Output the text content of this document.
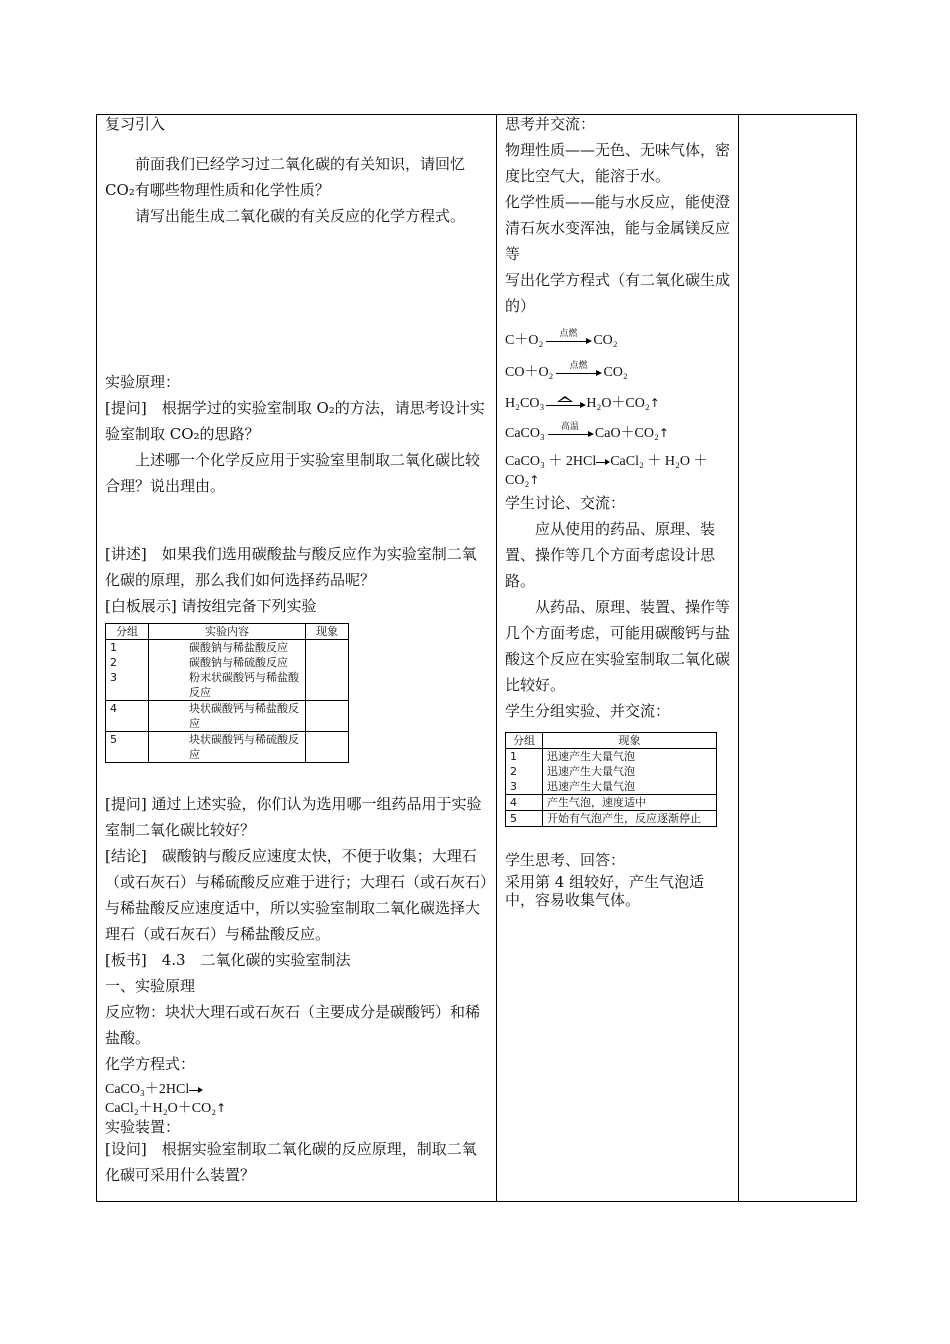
复习引入

前面我们已经学习过二氧化碳的有关知识，请回忆 CO₂有哪些物理性质和化学性质？

请写出能生成二氧化碳的有关反应的化学方程式。

实验原理：

[提问]　根据学过的实验室制取 O₂的方法，请思考设计实验室制取 CO₂的思路？

上述哪一个化学反应用于实验室里制取二氧化碳比较合理？说出理由。

[讲述]　如果我们选用碳酸盐与酸反应作为实验室制二氧化碳的原理，那么我们如何选择药品呢？

[白板展示] 请按组完备下列实验

分组	实验内容	现象
1	碳酸钠与稀盐酸反应	
2	碳酸钠与稀硫酸反应	
3	粉末状碳酸钙与稀盐酸反应	
4	块状碳酸钙与稀盐酸反应	
5	块状碳酸钙与稀硫酸反应	

[提问] 通过上述实验，你们认为选用哪一组药品用于实验室制二氧化碳比较好？

[结论]　碳酸钠与酸反应速度太快，不便于收集；大理石（或石灰石）与稀硫酸反应难于进行；大理石（或石灰石）与稀盐酸反应速度适中，所以实验室制取二氧化碳选择大理石（或石灰石）与稀盐酸反应。

[板书]　4.3　二氧化碳的实验室制法

一、实验原理

反应物：块状大理石或石灰石（主要成分是碳酸钙）和稀盐酸。

化学方程式：

CaCO₃＋2HCl

CaCl₂＋H₂O＋CO₂↑

实验装置：

[设问]　根据实验室制取二氧化碳的反应原理，制取二氧化碳可采用什么装置？

思考并交流：

物理性质——无色、无味气体，密度比空气大，能溶于水。

化学性质——能与水反应，能使澄清石灰水变浑浊，能与金属镁反应等

写出化学方程式（有二氧化碳生成的）

C＋O₂
点燃
CO₂

CO＋O₂
点燃
CO₂

H₂CO₃	H₂O＋CO₂↑

CaCO₃
高温
CaO＋CO₂↑

CaCO₃ ＋ 2HCl CaCl₂ ＋ H₂O ＋
CO₂↑

学生讨论、交流：

应从使用的药品、原理、装置、操作等几个方面考虑设计思路。

从药品、原理、装置、操作等几个方面考虑，可能用碳酸钙与盐酸这个反应在实验室制取二氧化碳比较好。

学生分组实验、并交流：

分组	现象
1	迅速产生大量气泡
2	迅速产生大量气泡
3	迅速产生大量气泡
4	产生气泡，速度适中
5	开始有气泡产生，反应逐渐停止

学生思考、回答：

采用第 4 组较好，产生气泡适中，容易收集气体。
